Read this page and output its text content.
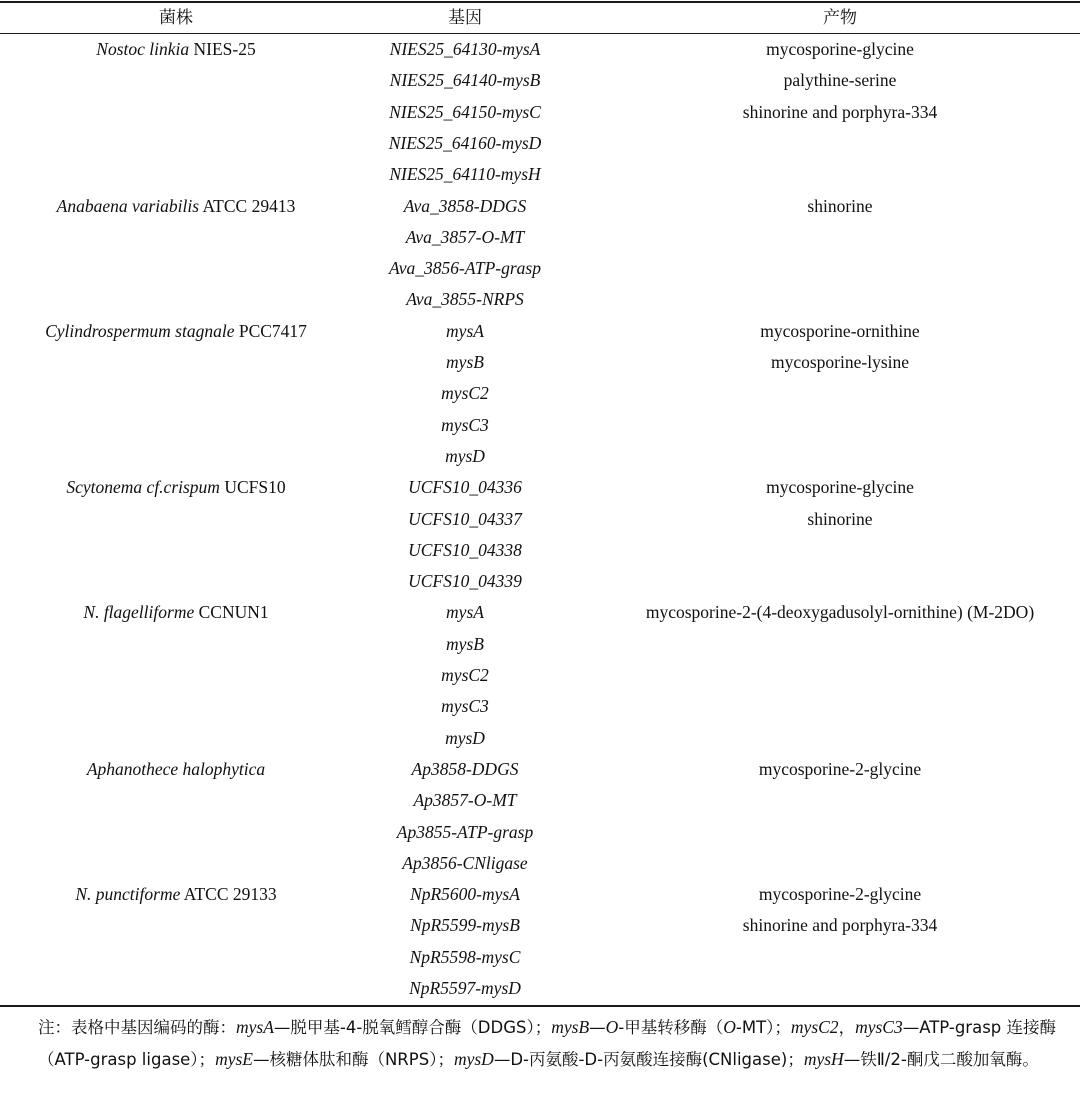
菌株	基因	产物
Nostoc linkia NIES-25	NIES25_64130-mysA	mycosporine-glycine
NIES25_64140-mysB	palythine-serine
NIES25_64150-mysC	shinorine and porphyra-334
NIES25_64160-mysD
NIES25_64110-mysH
Anabaena variabilis ATCC 29413	Ava_3858-DDGS	shinorine
Ava_3857-O-MT
Ava_3856-ATP-grasp
Ava_3855-NRPS
Cylindrospermum stagnale PCC7417	mysA	mycosporine-ornithine
mysB	mycosporine-lysine
mysC2
mysC3
mysD
Scytonema cf.crispum UCFS10	UCFS10_04336	mycosporine-glycine
UCFS10_04337	shinorine
UCFS10_04338
UCFS10_04339
N. flagelliforme CCNUN1	mysA	mycosporine-2-(4-deoxygadusolyl-ornithine) (M-2DO)
mysB
mysC2
mysC3
mysD
Aphanothece halophytica	Ap3858-DDGS	mycosporine-2-glycine
Ap3857-O-MT
Ap3855-ATP-grasp
Ap3856-CNligase
N. punctiforme ATCC 29133	NpR5600-mysA	mycosporine-2-glycine
NpR5599-mysB	shinorine and porphyra-334
NpR5598-mysC
NpR5597-mysD
注：表格中基因编码的酶：mysA—脱甲基-4-脱氧鳕醇合酶（DDGS）；mysB—O-甲基转移酶（O-MT）；mysC2，mysC3—ATP-grasp 连接酶（ATP-grasp ligase）；mysE—核糖体肽和酶（NRPS）；mysD—D-丙氨酸-D-丙氨酸连接酶(CNligase)；mysH—铁Ⅱ/2-酮戊二酸加氧酶。
